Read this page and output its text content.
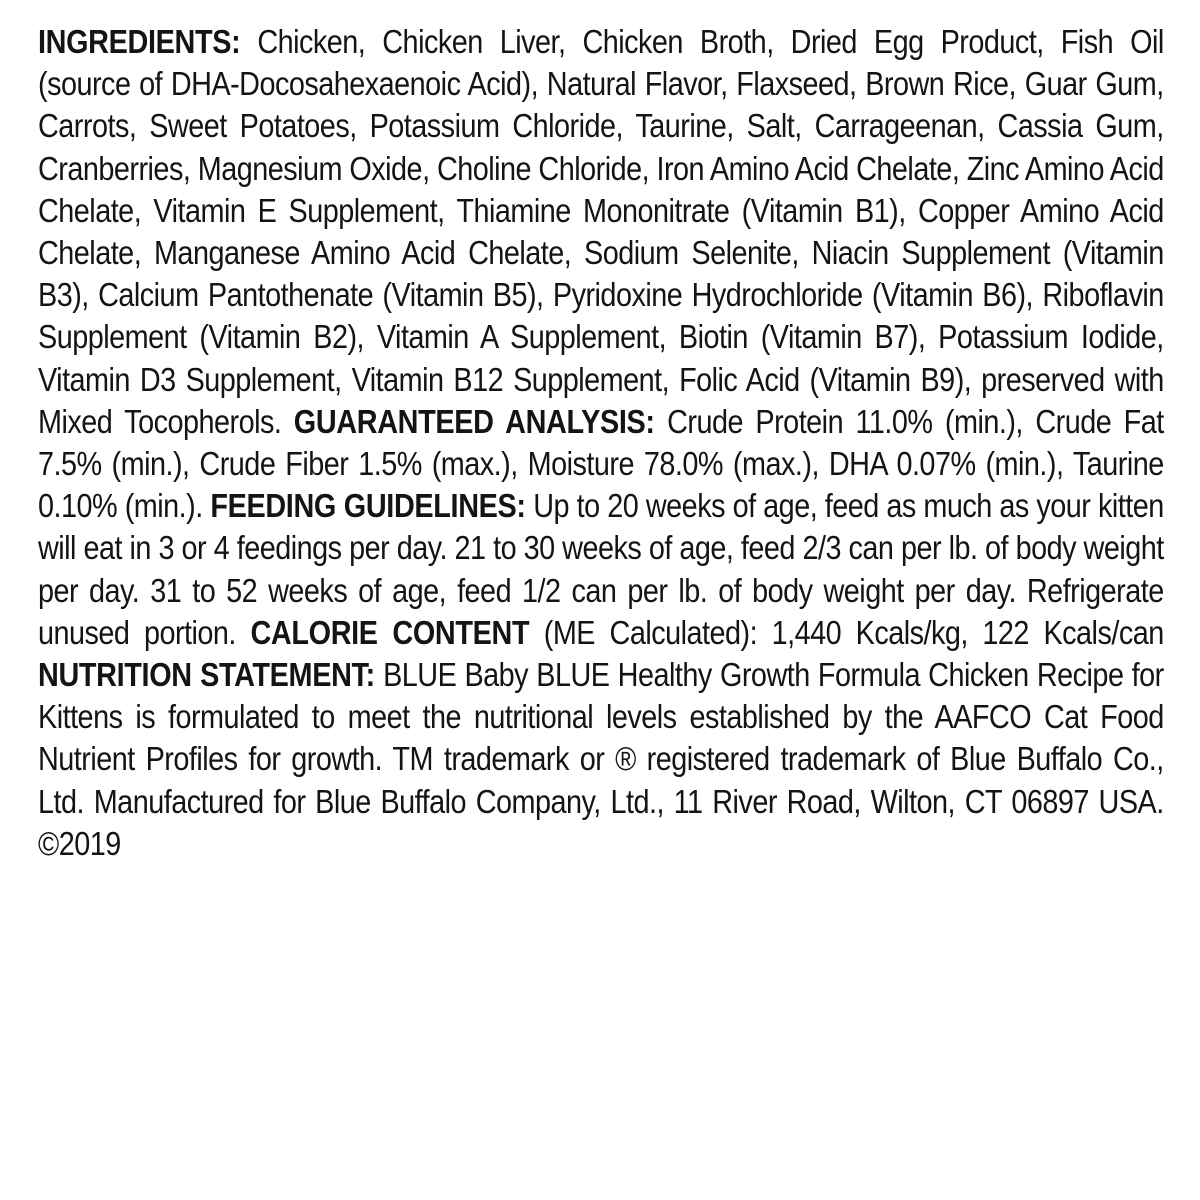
INGREDIENTS: Chicken, Chicken Liver, Chicken Broth, Dried Egg Product, Fish Oil (source of DHA-Docosahexaenoic Acid), Natural Flavor, Flaxseed, Brown Rice, Guar Gum, Carrots, Sweet Potatoes, Potassium Chloride, Taurine, Salt, Carrageenan, Cassia Gum, Cranberries, Magnesium Oxide, Choline Chloride, Iron Amino Acid Chelate, Zinc Amino Acid Chelate, Vitamin E Supplement, Thiamine Mononitrate (Vitamin B1), Copper Amino Acid Chelate, Manganese Amino Acid Chelate, Sodium Selenite, Niacin Supplement (Vitamin B3), Calcium Pantothenate (Vitamin B5), Pyridoxine Hydrochloride (Vitamin B6), Riboflavin Supplement (Vitamin B2), Vitamin A Supplement, Biotin (Vitamin B7), Potassium Iodide, Vitamin D3 Supplement, Vitamin B12 Supplement, Folic Acid (Vitamin B9), preserved with Mixed Tocopherols. GUARANTEED ANALYSIS: Crude Protein 11.0% (min.), Crude Fat 7.5% (min.), Crude Fiber 1.5% (max.), Moisture 78.0% (max.), DHA 0.07% (min.), Taurine 0.10% (min.). FEEDING GUIDELINES: Up to 20 weeks of age, feed as much as your kitten will eat in 3 or 4 feedings per day. 21 to 30 weeks of age, feed 2/3 can per lb. of body weight per day. 31 to 52 weeks of age, feed 1/2 can per lb. of body weight per day. Refrigerate unused portion. CALORIE CONTENT (ME Calculated): 1,440 Kcals/kg, 122 Kcals/can NUTRITION STATEMENT: BLUE Baby BLUE Healthy Growth Formula Chicken Recipe for Kittens is formulated to meet the nutritional levels established by the AAFCO Cat Food Nutrient Profiles for growth. TM trademark or ® registered trademark of Blue Buffalo Co., Ltd. Manufactured for Blue Buffalo Company, Ltd., 11 River Road, Wilton, CT 06897 USA. ©2019
